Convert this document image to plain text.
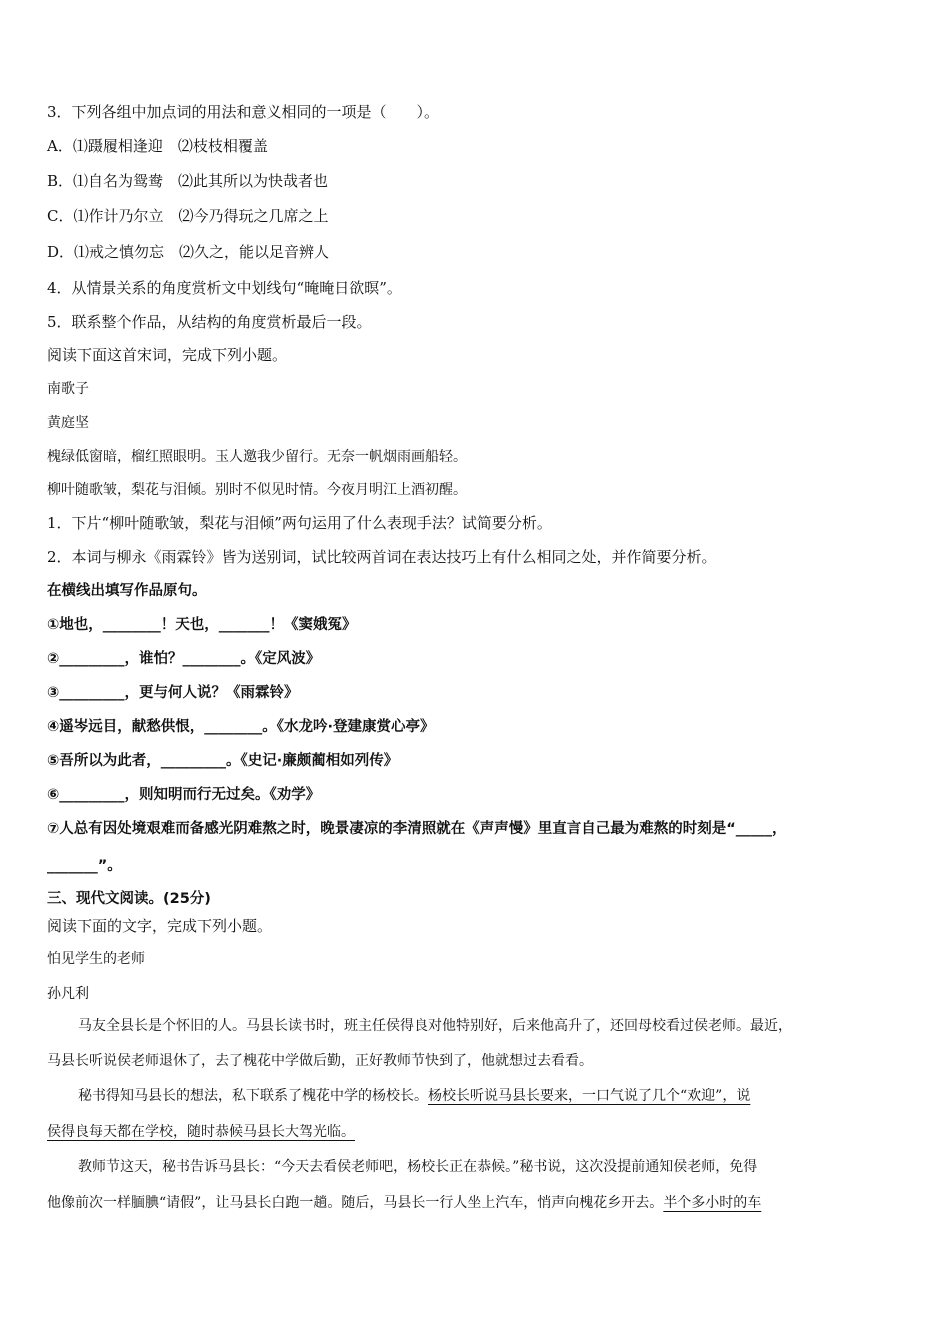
3．下列各组中加点词的用法和意义相同的一项是（　　）。
A．⑴蹑履相逢迎　⑵枝枝相覆盖
B．⑴自名为鸳鸯　⑵此其所以为快哉者也
C．⑴作计乃尔立　⑵今乃得玩之几席之上
D．⑴戒之慎勿忘　⑵久之，能以足音辨人
4．从情景关系的角度赏析文中划线句“晻晻日欲暝”。
5．联系整个作品，从结构的角度赏析最后一段。
阅读下面这首宋词，完成下列小题。
南歌子
黄庭坚
槐绿低窗暗，榴红照眼明。玉人邀我少留行。无奈一帆烟雨画船轻。
柳叶随歌皱，梨花与泪倾。别时不似见时情。今夜月明江上酒初醒。
1．下片“柳叶随歌皱，梨花与泪倾”两句运用了什么表现手法？试简要分析。
2．本词与柳永《雨霖铃》皆为送别词，试比较两首词在表达技巧上有什么相同之处，并作简要分析。
在横线出填写作品原句。
①地也，________！天也，_______！《窦娥冤》
②_________，谁怕？________。《定风波》
③_________，更与何人说？《雨霖铃》
④遥岑远目，献愁供恨，________。《水龙吟·登建康赏心亭》
⑤吾所以为此者，_________。《史记·廉颇蔺相如列传》
⑥_________，则知明而行无过矣。《劝学》
⑦人总有因处境艰难而备感光阴难熬之时，晚景凄凉的李清照就在《声声慢》里直言自己最为难熬的时刻是“_____，
_______”。
三、现代文阅读。(25分)
阅读下面的文字，完成下列小题。
怕见学生的老师
孙凡利
马友全县长是个怀旧的人。马县长读书时，班主任侯得良对他特别好，后来他高升了，还回母校看过侯老师。最近，
马县长听说侯老师退休了，去了槐花中学做后勤，正好教师节快到了，他就想过去看看。
秘书得知马县长的想法，私下联系了槐花中学的杨校长。杨校长听说马县长要来，一口气说了几个“欢迎”，说
侯得良每天都在学校，随时恭候马县长大驾光临。
教师节这天，秘书告诉马县长：“今天去看侯老师吧，杨校长正在恭候。”秘书说，这次没提前通知侯老师，免得
他像前次一样腼腆“请假”，让马县长白跑一趟。随后，马县长一行人坐上汽车，悄声向槐花乡开去。半个多小时的车
